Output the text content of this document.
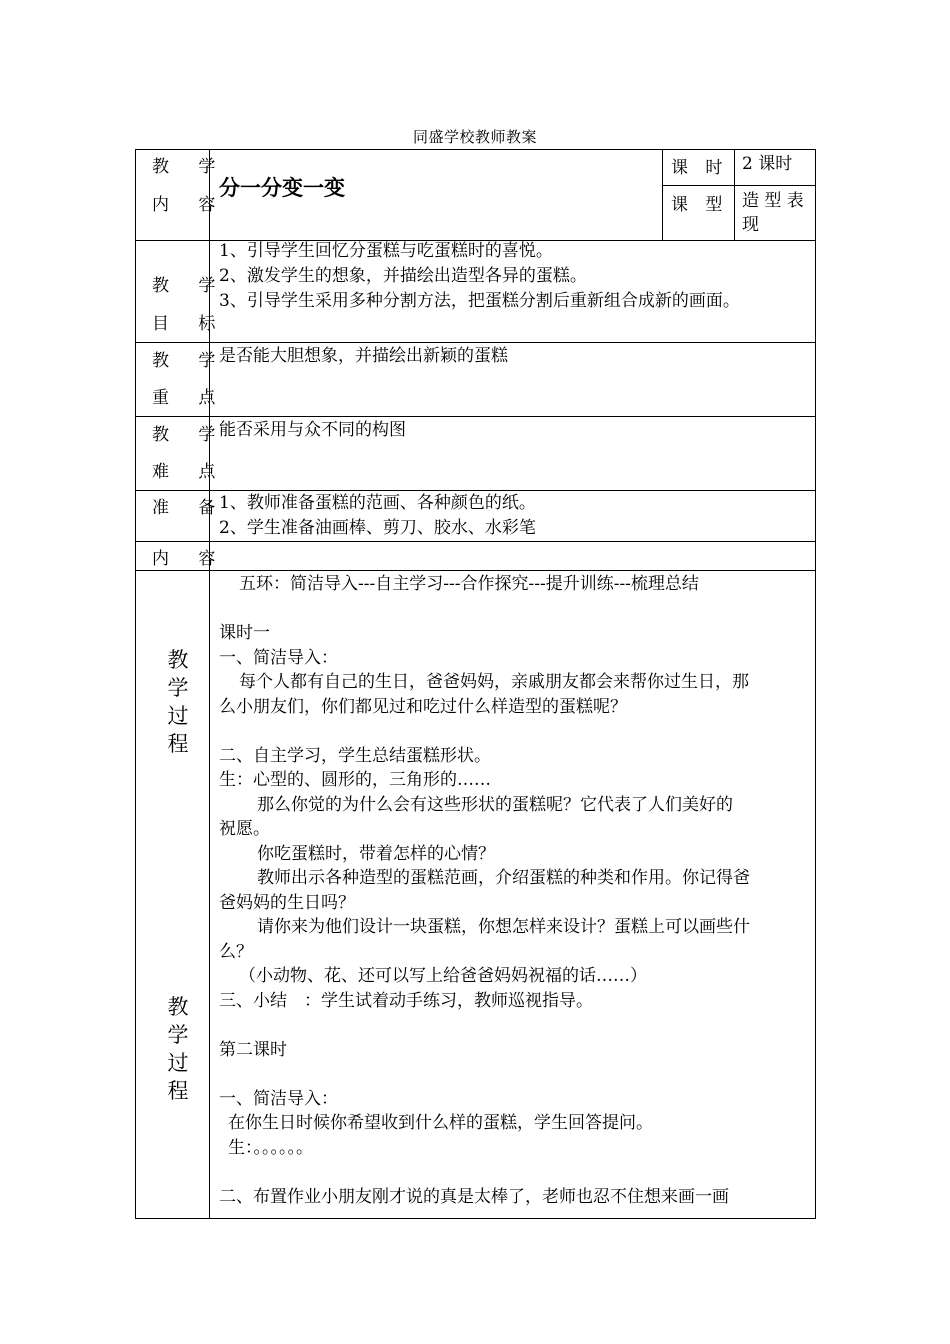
同盛学校教师教案
教 学
内 容
分一分变一变
课 时 2 课时
课 型 造 型 表
现
教 学
目 标
1、引导学生回忆分蛋糕与吃蛋糕时的喜悦。
2、激发学生的想象，并描绘出造型各异的蛋糕。
3、引导学生采用多种分割方法，把蛋糕分割后重新组合成新的画面。
教 学
重 点
是否能大胆想象，并描绘出新颖的蛋糕
教 学
难 点
能否采用与众不同的构图
准 备
1、教师准备蛋糕的范画、各种颜色的纸。
2、学生准备油画棒、剪刀、胶水、水彩笔
内 容
教
学
过
程
教
学
过
程
五环：简洁导入---自主学习---合作探究---提升训练---梳理总结
课时一
一、简洁导入：
每个人都有自己的生日，爸爸妈妈，亲戚朋友都会来帮你过生日，那
么小朋友们，你们都见过和吃过什么样造型的蛋糕呢？
二、自主学习，学生总结蛋糕形状。
生：心型的、圆形的，三角形的……
那么你觉的为什么会有这些形状的蛋糕呢？它代表了人们美好的
祝愿。
你吃蛋糕时，带着怎样的心情？
教师出示各种造型的蛋糕范画，介绍蛋糕的种类和作用。你记得爸
爸妈妈的生日吗？
请你来为他们设计一块蛋糕，你想怎样来设计？蛋糕上可以画些什
么？
（小动物、花、还可以写上给爸爸妈妈祝福的话……）
三、小结　：学生试着动手练习，教师巡视指导。
第二课时
一、简洁导入：
在你生日时候你希望收到什么样的蛋糕，学生回答提问。
生：。。。。。。
二、布置作业小朋友刚才说的真是太棒了，老师也忍不住想来画一画
